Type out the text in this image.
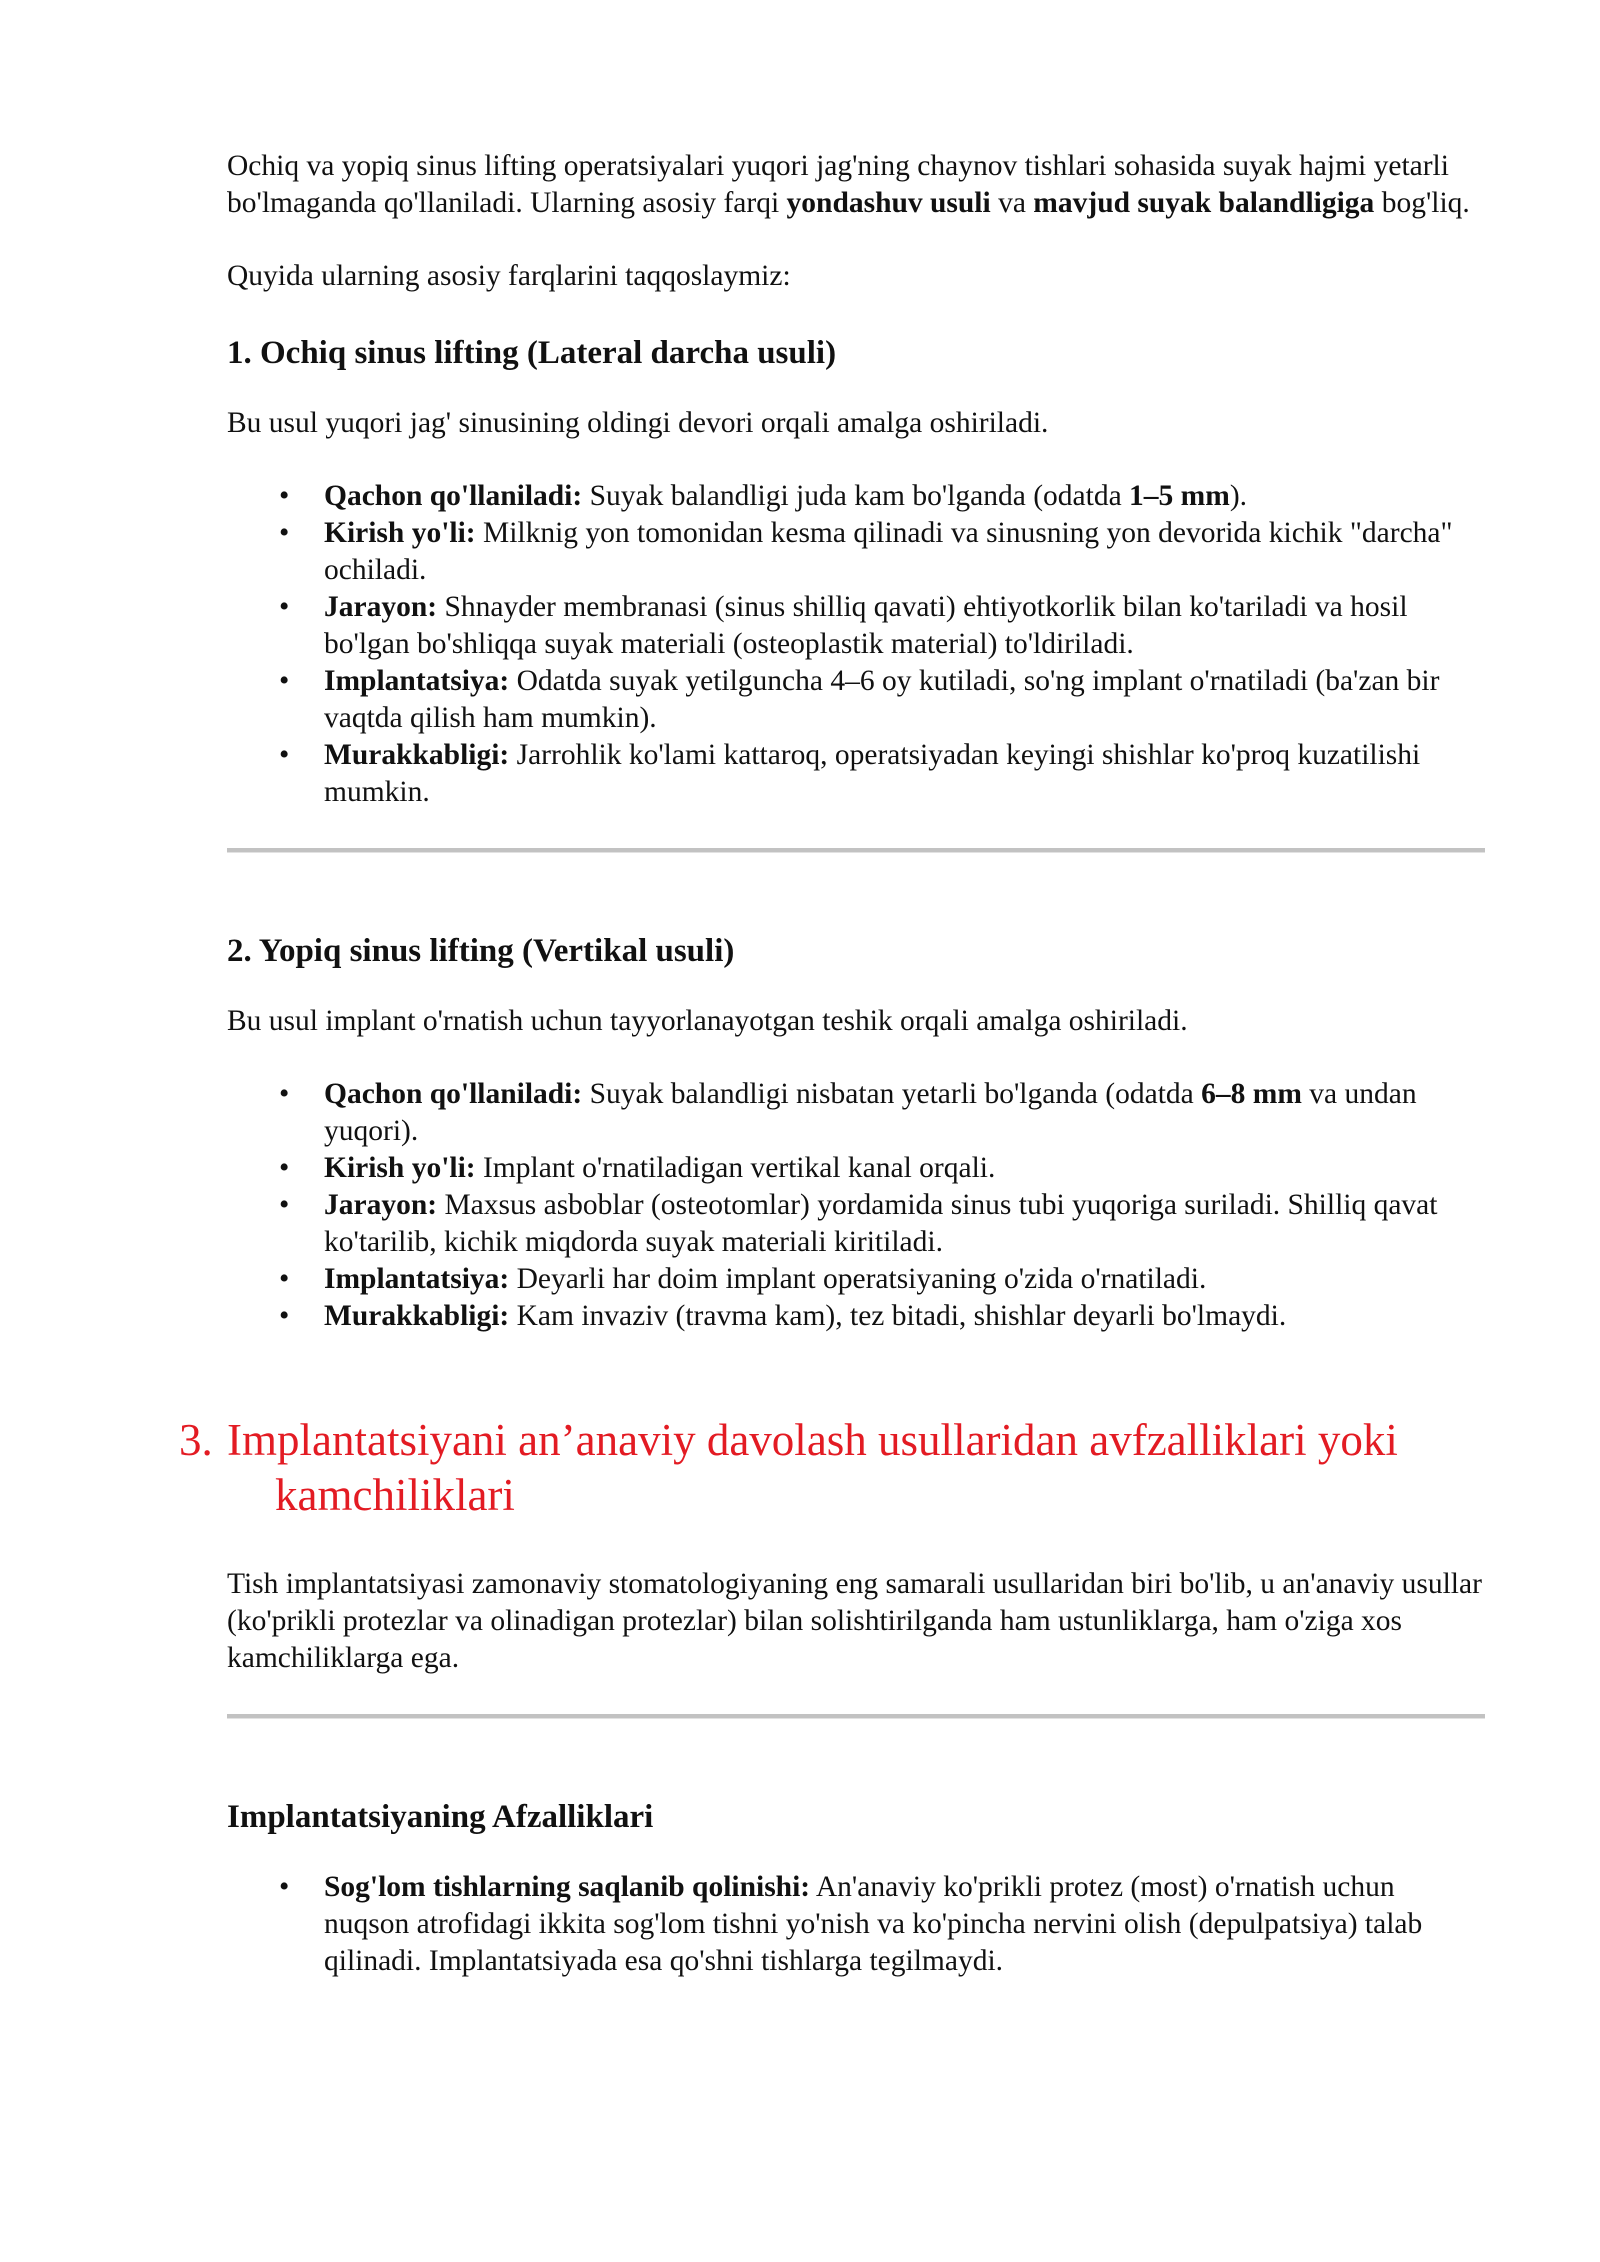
Ochiq va yopiq sinus lifting operatsiyalari yuqori jag'ning chaynov tishlari sohasida suyak hajmi yetarli bo'lmaganda qo'llaniladi. Ularning asosiy farqi yondashuv usuli va mavjud suyak balandligiga bog'liq.

Quyida ularning asosiy farqlarini taqqoslaymiz:

1. Ochiq sinus lifting (Lateral darcha usuli)

Bu usul yuqori jag' sinusining oldingi devori orqali amalga oshiriladi.

• Qachon qo'llaniladi: Suyak balandligi juda kam bo'lganda (odatda 1–5 mm).
• Kirish yo'li: Milknig yon tomonidan kesma qilinadi va sinusning yon devorida kichik "darcha" ochiladi.
• Jarayon: Shnayder membranasi (sinus shilliq qavati) ehtiyotkorlik bilan ko'tariladi va hosil bo'lgan bo'shliqqa suyak materiali (osteoplastik material) to'ldiriladi.
• Implantatsiya: Odatda suyak yetilguncha 4–6 oy kutiladi, so'ng implant o'rnatiladi (ba'zan bir vaqtda qilish ham mumkin).
• Murakkabligi: Jarrohlik ko'lami kattaroq, operatsiyadan keyingi shishlar ko'proq kuzatilishi mumkin.
2. Yopiq sinus lifting (Vertikal usuli)

Bu usul implant o'rnatish uchun tayyorlanayotgan teshik orqali amalga oshiriladi.

• Qachon qo'llaniladi: Suyak balandligi nisbatan yetarli bo'lganda (odatda 6–8 mm va undan yuqori).
• Kirish yo'li: Implant o'rnatiladigan vertikal kanal orqali.
• Jarayon: Maxsus asboblar (osteotomlar) yordamida sinus tubi yuqoriga suriladi. Shilliq qavat ko'tarilib, kichik miqdorda suyak materiali kiritiladi.
• Implantatsiya: Deyarli har doim implant operatsiyaning o'zida o'rnatiladi.
• Murakkabligi: Kam invaziv (travma kam), tez bitadi, shishlar deyarli bo'lmaydi.
3. Implantatsiyani an’anaviy davolash usullaridan avfzalliklari yoki
kamchiliklari

Tish implantatsiyasi zamonaviy stomatologiyaning eng samarali usullaridan biri bo'lib, u an'anaviy usullar (ko'prikli protezlar va olinadigan protezlar) bilan solishtirilganda ham ustunliklarga, ham o'ziga xos kamchiliklarga ega.

Implantatsiyaning Afzalliklari
• Sog'lom tishlarning saqlanib qolinishi: An'anaviy ko'prikli protez (most) o'rnatish uchun nuqson atrofidagi ikkita sog'lom tishni yo'nish va ko'pincha nervini olish (depulpatsiya) talab qilinadi. Implantatsiyada esa qo'shni tishlarga tegilmaydi.
